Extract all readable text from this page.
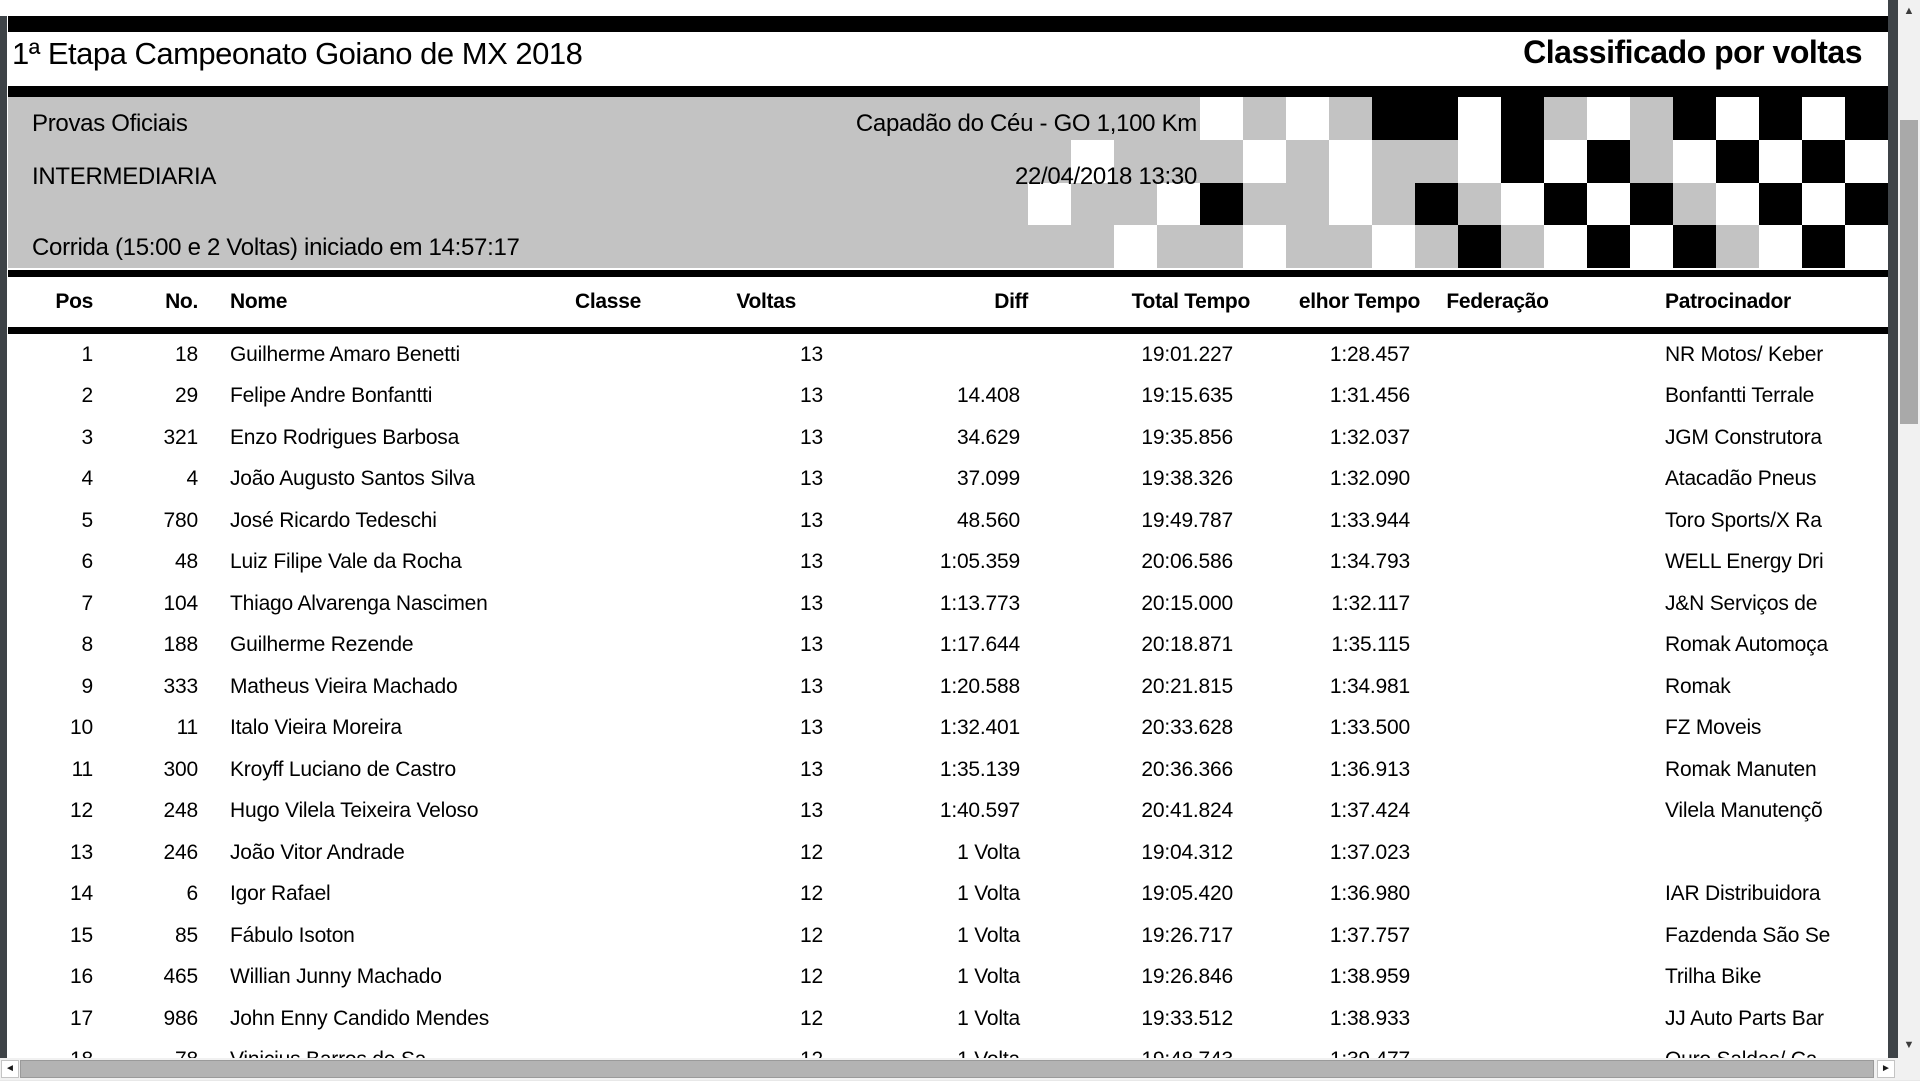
1ª Etapa Campeonato Goiano de MX 2018	Classificado por voltas
Provas Oficiais	Capadão do Céu - GO 1,100 Km
INTERMEDIARIA	22/04/2018 13:30
Corrida (15:00 e 2 Voltas) iniciado em 14:57:17
Pos	No.	Nome	Classe	Voltas	Diff	Total Tempo	elhor Tempo	Federação	Patrocinador
1	18	Guilherme Amaro Benetti		13		19:01.227	1:28.457		NR Motos/ Keber
2	29	Felipe Andre Bonfantti		13	14.408	19:15.635	1:31.456		Bonfantti Terrale
3	321	Enzo Rodrigues Barbosa		13	34.629	19:35.856	1:32.037		JGM Construtora
4	4	João Augusto Santos Silva		13	37.099	19:38.326	1:32.090		Atacadão Pneus
5	780	José Ricardo Tedeschi		13	48.560	19:49.787	1:33.944		Toro Sports/X Ra
6	48	Luiz Filipe Vale da Rocha		13	1:05.359	20:06.586	1:34.793		WELL Energy Dri
7	104	Thiago Alvarenga Nascimen		13	1:13.773	20:15.000	1:32.117		J&N Serviços de
8	188	Guilherme Rezende		13	1:17.644	20:18.871	1:35.115		Romak Automoça
9	333	Matheus Vieira Machado		13	1:20.588	20:21.815	1:34.981		Romak
10	11	Italo Vieira Moreira		13	1:32.401	20:33.628	1:33.500		FZ Moveis
11	300	Kroyff Luciano de Castro		13	1:35.139	20:36.366	1:36.913		Romak Manuten
12	248	Hugo Vilela Teixeira Veloso		13	1:40.597	20:41.824	1:37.424		Vilela Manutençõ
13	246	João Vitor Andrade		12	1 Volta	19:04.312	1:37.023		
14	6	Igor Rafael		12	1 Volta	19:05.420	1:36.980		IAR Distribuidora
15	85	Fábulo Isoton		12	1 Volta	19:26.717	1:37.757		Fazdenda São Se
16	465	Willian Junny Machado		12	1 Volta	19:26.846	1:38.959		Trilha Bike
17	986	John Enny Candido Mendes		12	1 Volta	19:33.512	1:38.933		JJ Auto Parts Bar

▲
▼
◄	►
